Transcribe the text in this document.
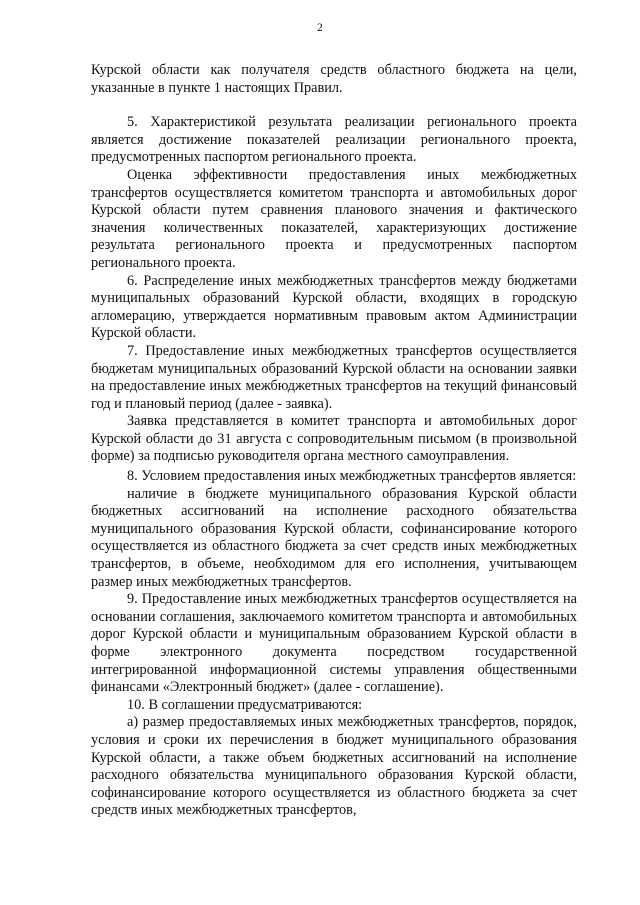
2

Курской области как получателя средств областного бюджета на цели, указанные в пункте 1 настоящих Правил.

5. Характеристикой результата реализации регионального проекта является достижение показателей реализации регионального проекта, предусмотренных паспортом регионального проекта.

Оценка эффективности предоставления иных межбюджетных трансфертов осуществляется комитетом транспорта и автомобильных дорог Курской области путем сравнения планового значения и фактического значения количественных показателей, характеризующих достижение результата регионального проекта и предусмотренных паспортом регионального проекта.

6. Распределение иных межбюджетных трансфертов между бюджетами муниципальных образований Курской области, входящих в городскую агломерацию, утверждается нормативным правовым актом Администрации Курской области.

7. Предоставление иных межбюджетных трансфертов осуществляется бюджетам муниципальных образований Курской области на основании заявки на предоставление иных межбюджетных трансфертов на текущий финансовый год и плановый период (далее - заявка).

Заявка представляется в комитет транспорта и автомобильных дорог Курской области до 31 августа с сопроводительным письмом (в произвольной форме) за подписью руководителя органа местного самоуправления.

8. Условием предоставления иных межбюджетных трансфертов является:

наличие в бюджете муниципального образования Курской области бюджетных ассигнований на исполнение расходного обязательства муниципального образования Курской области, софинансирование которого осуществляется из областного бюджета за счет средств иных межбюджетных трансфертов, в объеме, необходимом для его исполнения, учитывающем размер иных межбюджетных трансфертов.

9. Предоставление иных межбюджетных трансфертов осуществляется на основании соглашения, заключаемого комитетом транспорта и автомобильных дорог Курской области и муниципальным образованием Курской области в форме электронного документа посредством государственной интегрированной информационной системы управления общественными финансами «Электронный бюджет» (далее - соглашение).

10. В соглашении предусматриваются:

а) размер предоставляемых иных межбюджетных трансфертов, порядок, условия и сроки их перечисления в бюджет муниципального образования Курской области, а также объем бюджетных ассигнований на исполнение расходного обязательства муниципального образования Курской области, софинансирование которого осуществляется из областного бюджета за счет средств иных межбюджетных трансфертов,
